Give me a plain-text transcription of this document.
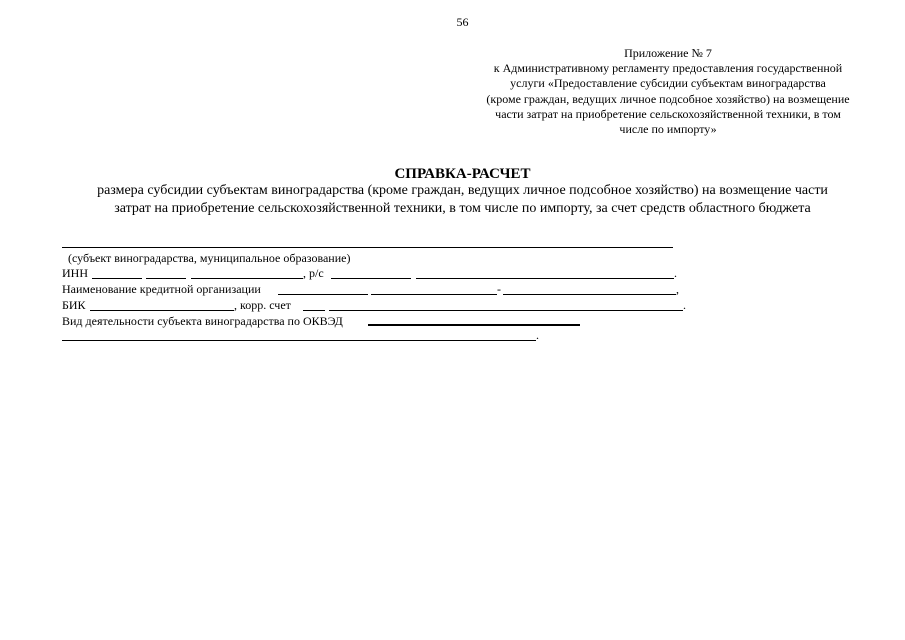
56
Приложение № 7
к Административному регламенту предоставления государственной
услуги «Предоставление субсидии субъектам виноградарства
(кроме граждан, ведущих личное подсобное хозяйство) на возмещение
части затрат на приобретение сельскохозяйственной техники, в том
числе по импорту»
СПРАВКА-РАСЧЕТ
размера субсидии субъектам виноградарства (кроме граждан, ведущих личное подсобное хозяйство) на возмещение части
затрат на приобретение сельскохозяйственной техники, в том числе по импорту, за счет средств областного бюджета
(субъект виноградарства, муниципальное образование)
ИНН	, р/с	.
Наименование кредитной организации	-	,
БИК	, корр. счет	.
Вид деятельности субъекта виноградарства по ОКВЭД
.
